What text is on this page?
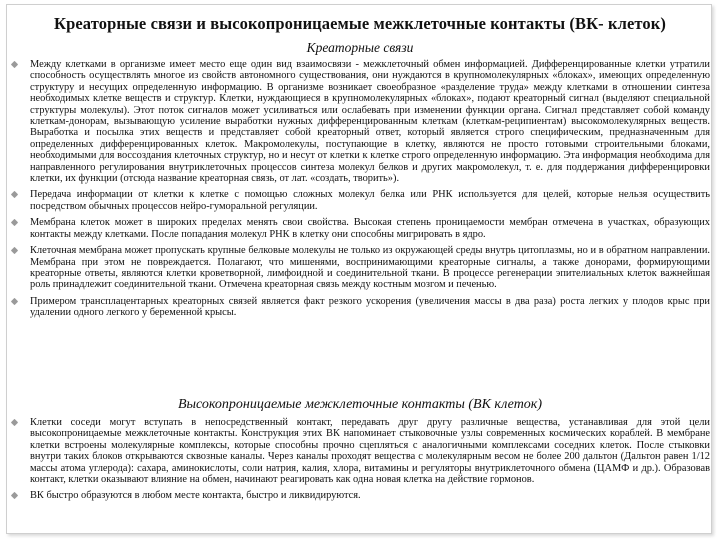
Креаторные связи и высокопроницаемые межклеточные контакты (ВК- клеток)
Креаторные связи
Между клетками в организме имеет место еще один вид взаимосвязи - межклеточный обмен информацией. Дифференцированные клетки утратили способность осуществлять многое из свойств автономного существования, они нуждаются в крупномолекулярных «блоках», имеющих определенную структуру и несущих определенную информацию. В организме возникает своеобразное «разделение труда» между клетками в отношении синтеза необходимых клетке веществ и структур. Клетки, нуждающиеся в крупномолекулярных «блоках», подают креаторный сигнал (выделяют специальной структуры молекулы). Этот поток сигналов может усиливаться или ослабевать при изменении функции органа. Сигнал представляет собой команду клеткам-донорам, вызывающую усиление выработки нужных дифференцированным клеткам (клеткам-реципиентам) высокомолекулярных веществ. Выработка и посылка этих веществ и представляет собой креаторный ответ, который является строго специфическим, предназначенным для определенных дифференцированных клеток. Макромолекулы, поступающие в клетку, являются не просто готовыми строительными блоками, необходимыми для воссоздания клеточных структур, но и несут от клетки к клетке строго определенную информацию. Эта информация необходима для направленного регулирования внутриклеточных процессов синтеза молекул белков и других макромолекул, т. е. для поддержания дифференцировки клетки, их функции (отсюда название креаторная связь, от лат. «создать, творить»).
Передача информации от клетки к клетке с помощью сложных молекул белка или РНК используется для целей, которые нельзя осуществить посредством обычных процессов нейро-гуморальной регуляции.
Мембрана клеток может в широких пределах менять свои свойства. Высокая степень проницаемости мембран отмечена в участках, образующих контакты между клетками. После попадания молекул РНК в клетку они способны мигрировать в ядро.
Клеточная мембрана может пропускать крупные белковые молекулы не только из окружающей среды внутрь цитоплазмы, но и в обратном направлении. Мембрана при этом не повреждается. Полагают, что мишенями, воспринимающими креаторные сигналы, а также донорами, формирующими креаторные ответы, являются клетки кроветворной, лимфоидной и соединительной ткани. В процессе регенерации эпителиальных клеток важнейшая роль принадлежит соединительной ткани. Отмечена креаторная связь между костным мозгом и печенью.
Примером трансплацентарных креаторных связей является факт резкого ускорения (увеличения массы в два раза) роста легких у плодов крыс при удалении одного легкого у беременной крысы.
Высокопроницаемые межклеточные контакты (ВК клеток)
Клетки соседи могут вступать в непосредственный контакт, передавать друг другу различные вещества, устанавливая для этой цели высокопроницаемые межклеточные контакты. Конструкция этих ВК напоминает стыковочные узлы современных космических кораблей. В мембране клетки встроены молекулярные комплексы, которые способны прочно сцепляться с аналогичными комплексами соседних клеток. После стыковки внутри таких блоков открываются сквозные каналы. Через каналы проходят вещества с молекулярным весом не более 200 дальтон (Дальтон равен 1/12 массы атома углерода): сахара, аминокислоты, соли натрия, калия, хлора, витамины и регуляторы внутриклеточного обмена (ЦАМФ и др.). Образовав контакт, клетки оказывают влияние на обмен, начинают реагировать как одна новая клетка на действие гормонов.
ВК быстро образуются в любом месте контакта, быстро и ликвидируются.
